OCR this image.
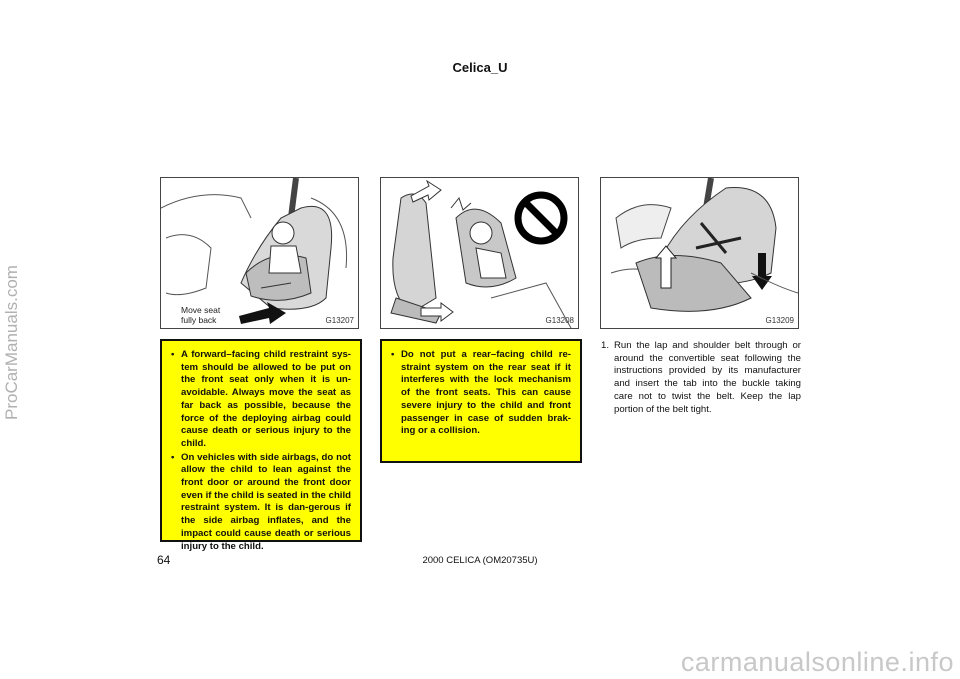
Celica_U
ProCarManuals.com	Move seat
fully back	G13207	G13208	G13209
• A forward–facing child restraint sys-tem should be allowed to be put on the front seat only when it is un-avoidable. Always move the seat as far back as possible, because the force of the deploying airbag could cause death or serious injury to the child.
• On vehicles with side airbags, do not allow the child to lean against the front door or around the front door even if the child is seated in the child restraint system. It is dan-gerous if the side airbag inflates, and the impact could cause death or serious injury to the child.
• Do not put a rear–facing child re-straint system on the rear seat if it interferes with the lock mechanism of the front seats. This can cause severe injury to the child and front passenger in case of sudden brak-ing or a collision.
1. Run the lap and shoulder belt through or around the convertible seat following the instructions provided by its manufacturer and insert the tab into the buckle taking care not to twist the belt. Keep the lap portion of the belt tight.
64	2000 CELICA (OM20735U)
carmanualsonline.info
